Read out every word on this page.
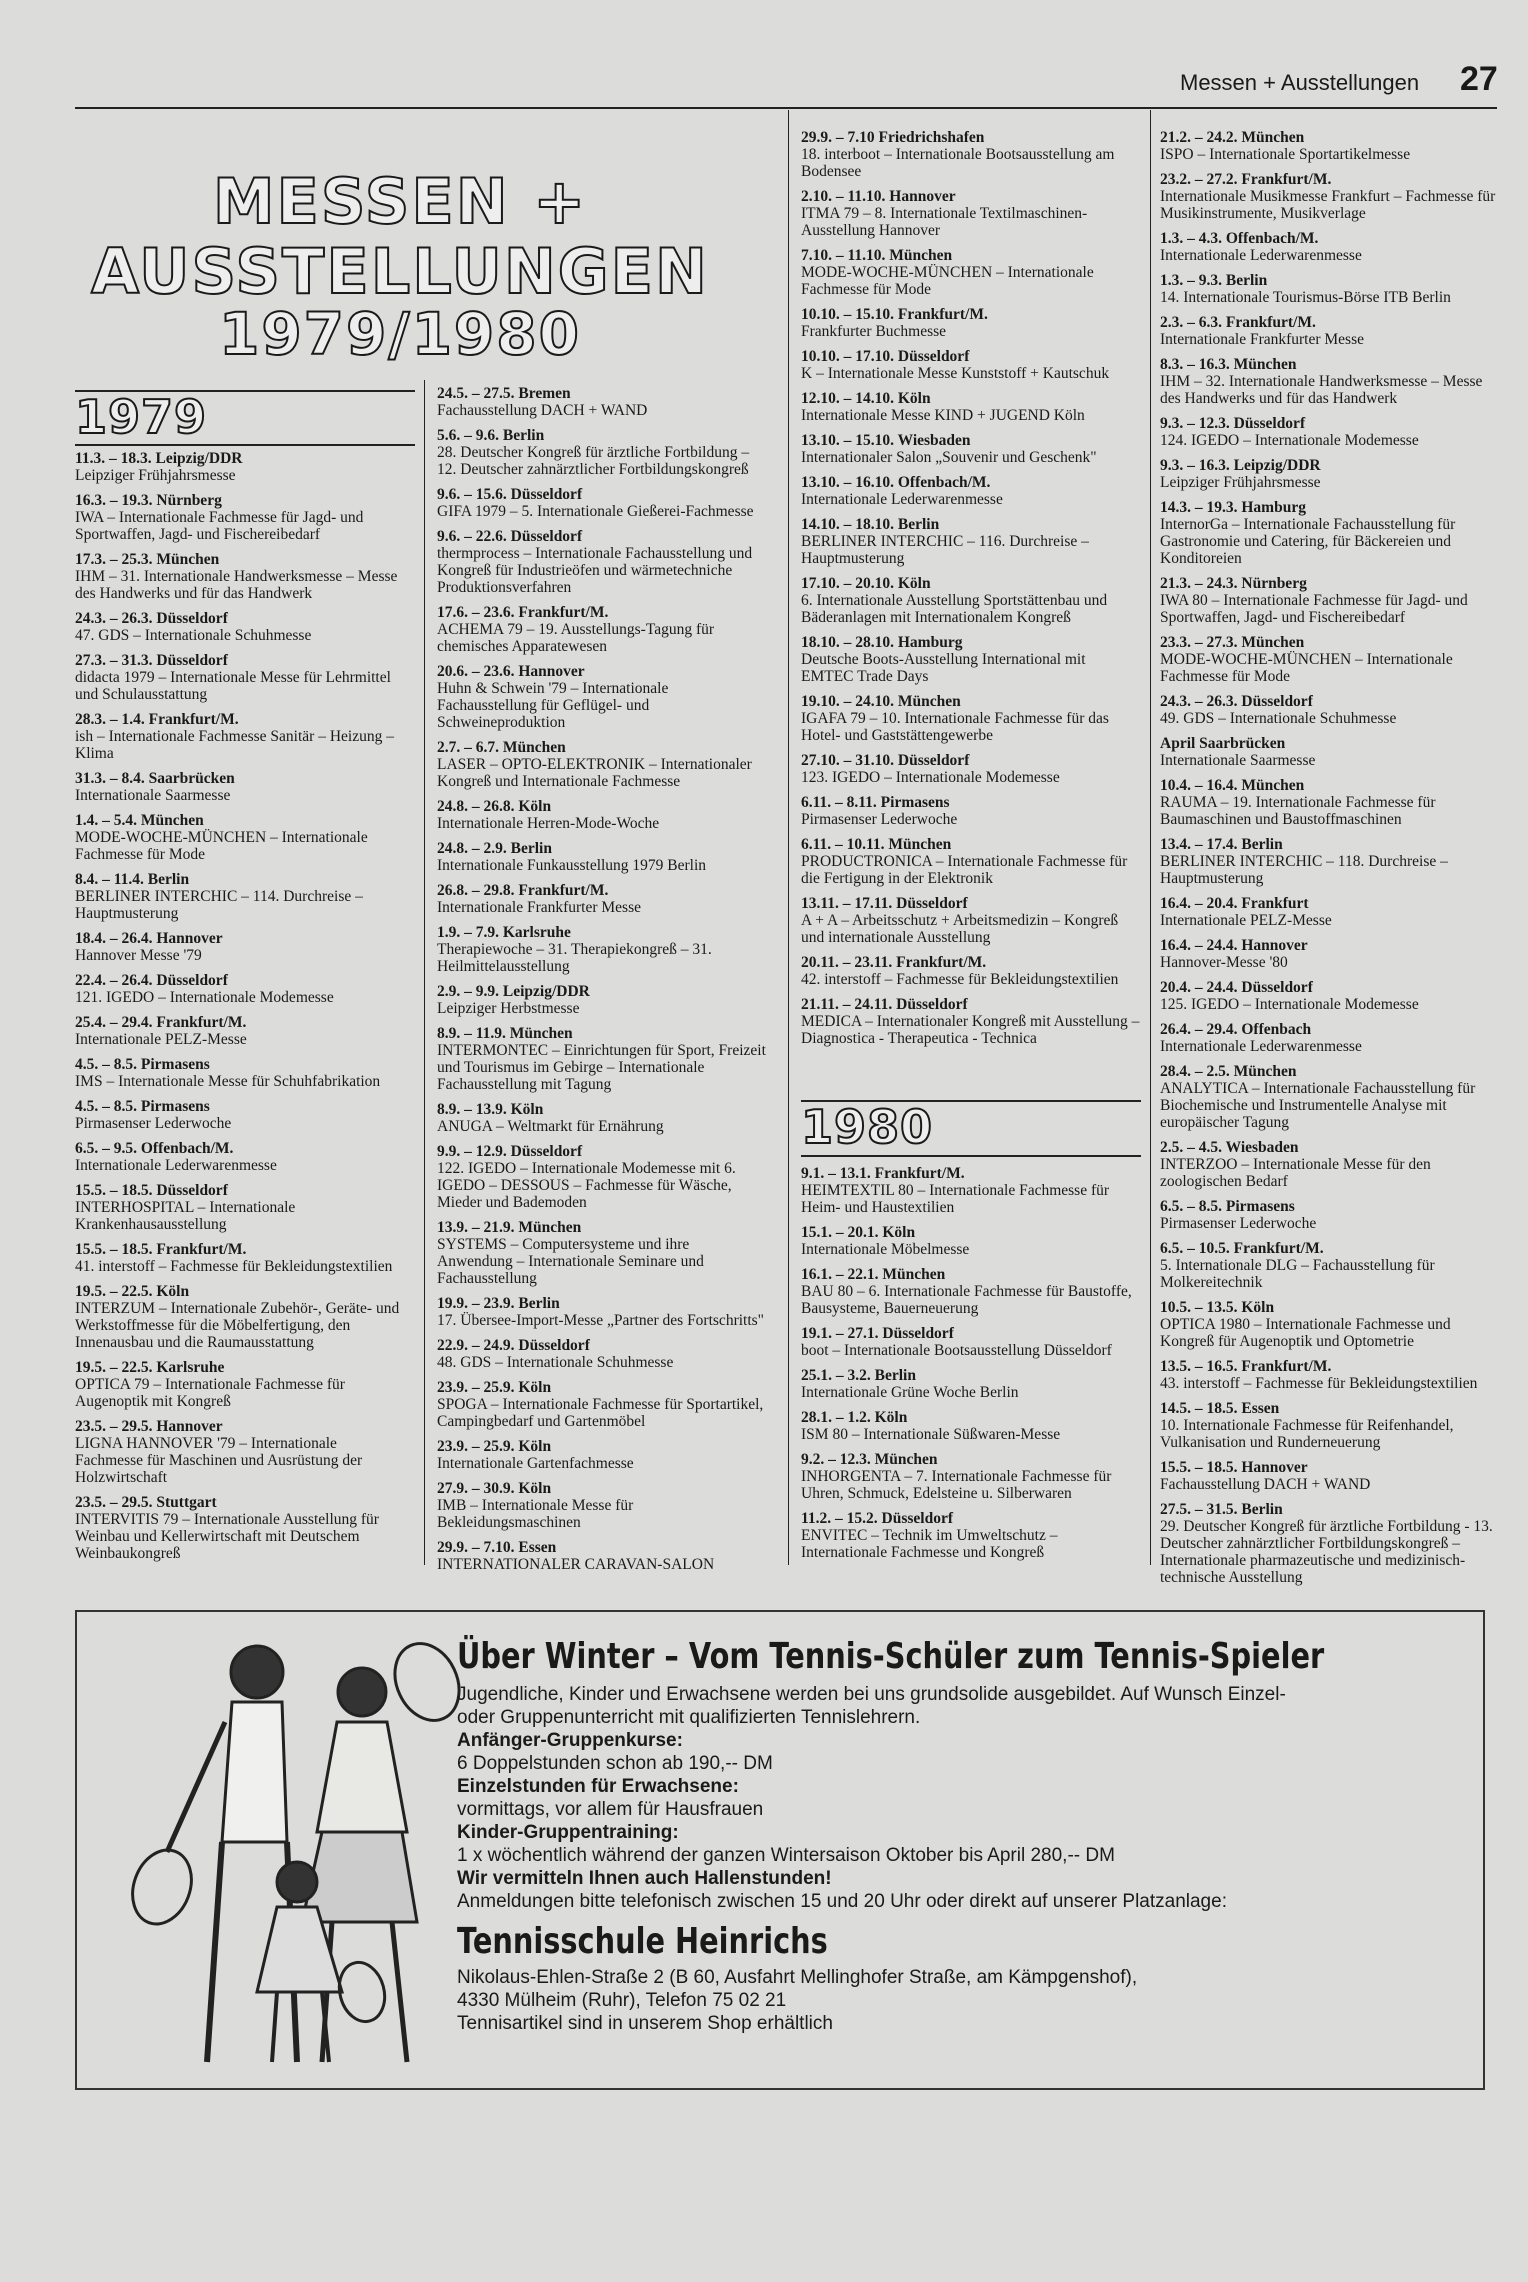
Messen + Ausstellungen 27
MESSEN +
AUSSTELLUNGEN
1979/1980
1979
11.3. – 18.3. Leipzig/DDR
Leipziger Frühjahrsmesse
16.3. – 19.3. Nürnberg
IWA – Internationale Fachmesse für Jagd- und Sportwaffen, Jagd- und Fischereibedarf
17.3. – 25.3. München
IHM – 31. Internationale Handwerksmesse – Messe des Handwerks und für das Handwerk
24.3. – 26.3. Düsseldorf
47. GDS – Internationale Schuhmesse
27.3. – 31.3. Düsseldorf
didacta 1979 – Internationale Messe für Lehrmittel und Schulausstattung
28.3. – 1.4. Frankfurt/M.
ish – Internationale Fachmesse Sanitär – Heizung – Klima
31.3. – 8.4. Saarbrücken
Internationale Saarmesse
1.4. – 5.4. München
MODE-WOCHE-MÜNCHEN – Internationale Fachmesse für Mode
8.4. – 11.4. Berlin
BERLINER INTERCHIC – 114. Durchreise – Hauptmusterung
18.4. – 26.4. Hannover
Hannover Messe '79
22.4. – 26.4. Düsseldorf
121. IGEDO – Internationale Modemesse
25.4. – 29.4. Frankfurt/M.
Internationale PELZ-Messe
4.5. – 8.5. Pirmasens
IMS – Internationale Messe für Schuhfabrikation
4.5. – 8.5. Pirmasens
Pirmasenser Lederwoche
6.5. – 9.5. Offenbach/M.
Internationale Lederwarenmesse
15.5. – 18.5. Düsseldorf
INTERHOSPITAL – Internationale Krankenhausausstellung
15.5. – 18.5. Frankfurt/M.
41. interstoff – Fachmesse für Bekleidungstextilien
19.5. – 22.5. Köln
INTERZUM – Internationale Zubehör-, Geräte- und Werkstoffmesse für die Möbelfertigung, den Innenausbau und die Raumausstattung
19.5. – 22.5. Karlsruhe
OPTICA 79 – Internationale Fachmesse für Augenoptik mit Kongreß
23.5. – 29.5. Hannover
LIGNA HANNOVER '79 – Internationale Fachmesse für Maschinen und Ausrüstung der Holzwirtschaft
23.5. – 29.5. Stuttgart
INTERVITIS 79 – Internationale Ausstellung für Weinbau und Kellerwirtschaft mit Deutschem Weinbaukongreß
24.5. – 27.5. Bremen
Fachausstellung DACH + WAND
5.6. – 9.6. Berlin
28. Deutscher Kongreß für ärztliche Fortbildung – 12. Deutscher zahnärztlicher Fortbildungskongreß
9.6. – 15.6. Düsseldorf
GIFA 1979 – 5. Internationale Gießerei-Fachmesse
9.6. – 22.6. Düsseldorf
thermprocess – Internationale Fachausstellung und Kongreß für Industrieöfen und wärmetechniche Produktionsverfahren
17.6. – 23.6. Frankfurt/M.
ACHEMA 79 – 19. Ausstellungs-Tagung für chemisches Apparatewesen
20.6. – 23.6. Hannover
Huhn & Schwein '79 – Internationale Fachausstellung für Geflügel- und Schweineproduktion
2.7. – 6.7. München
LASER – OPTO-ELEKTRONIK – Internationaler Kongreß und Internationale Fachmesse
24.8. – 26.8. Köln
Internationale Herren-Mode-Woche
24.8. – 2.9. Berlin
Internationale Funkausstellung 1979 Berlin
26.8. – 29.8. Frankfurt/M.
Internationale Frankfurter Messe
1.9. – 7.9. Karlsruhe
Therapiewoche – 31. Therapiekongreß – 31. Heilmittelausstellung
2.9. – 9.9. Leipzig/DDR
Leipziger Herbstmesse
8.9. – 11.9. München
INTERMONTEC – Einrichtungen für Sport, Freizeit und Tourismus im Gebirge – Internationale Fachausstellung mit Tagung
8.9. – 13.9. Köln
ANUGA – Weltmarkt für Ernährung
9.9. – 12.9. Düsseldorf
122. IGEDO – Internationale Modemesse mit 6. IGEDO – DESSOUS – Fachmesse für Wäsche, Mieder und Bademoden
13.9. – 21.9. München
SYSTEMS – Computersysteme und ihre Anwendung – Internationale Seminare und Fachausstellung
19.9. – 23.9. Berlin
17. Übersee-Import-Messe „Partner des Fortschritts"
22.9. – 24.9. Düsseldorf
48. GDS – Internationale Schuhmesse
23.9. – 25.9. Köln
SPOGA – Internationale Fachmesse für Sportartikel, Campingbedarf und Gartenmöbel
23.9. – 25.9. Köln
Internationale Gartenfachmesse
27.9. – 30.9. Köln
IMB – Internationale Messe für Bekleidungsmaschinen
29.9. – 7.10. Essen
INTERNATIONALER CARAVAN-SALON
29.9. – 7.10 Friedrichshafen
18. interboot – Internationale Bootsausstellung am Bodensee
2.10. – 11.10. Hannover
ITMA 79 – 8. Internationale Textilmaschinen-Ausstellung Hannover
7.10. – 11.10. München
MODE-WOCHE-MÜNCHEN – Internationale Fachmesse für Mode
10.10. – 15.10. Frankfurt/M.
Frankfurter Buchmesse
10.10. – 17.10. Düsseldorf
K – Internationale Messe Kunststoff + Kautschuk
12.10. – 14.10. Köln
Internationale Messe KIND + JUGEND Köln
13.10. – 15.10. Wiesbaden
Internationaler Salon „Souvenir und Geschenk"
13.10. – 16.10. Offenbach/M.
Internationale Lederwarenmesse
14.10. – 18.10. Berlin
BERLINER INTERCHIC – 116. Durchreise – Hauptmusterung
17.10. – 20.10. Köln
6. Internationale Ausstellung Sportstättenbau und Bäderanlagen mit Internationalem Kongreß
18.10. – 28.10. Hamburg
Deutsche Boots-Ausstellung International mit EMTEC Trade Days
19.10. – 24.10. München
IGAFA 79 – 10. Internationale Fachmesse für das Hotel- und Gaststättengewerbe
27.10. – 31.10. Düsseldorf
123. IGEDO – Internationale Modemesse
6.11. – 8.11. Pirmasens
Pirmasenser Lederwoche
6.11. – 10.11. München
PRODUCTRONICA – Internationale Fachmesse für die Fertigung in der Elektronik
13.11. – 17.11. Düsseldorf
A + A – Arbeitsschutz + Arbeitsmedizin – Kongreß und internationale Ausstellung
20.11. – 23.11. Frankfurt/M.
42. interstoff – Fachmesse für Bekleidungstextilien
21.11. – 24.11. Düsseldorf
MEDICA – Internationaler Kongreß mit Ausstellung – Diagnostica - Therapeutica - Technica
1980
9.1. – 13.1. Frankfurt/M.
HEIMTEXTIL 80 – Internationale Fachmesse für Heim- und Haustextilien
15.1. – 20.1. Köln
Internationale Möbelmesse
16.1. – 22.1. München
BAU 80 – 6. Internationale Fachmesse für Baustoffe, Bausysteme, Bauerneuerung
19.1. – 27.1. Düsseldorf
boot – Internationale Bootsausstellung Düsseldorf
25.1. – 3.2. Berlin
Internationale Grüne Woche Berlin
28.1. – 1.2. Köln
ISM 80 – Internationale Süßwaren-Messe
9.2. – 12.3. München
INHORGENTA – 7. Internationale Fachmesse für Uhren, Schmuck, Edelsteine u. Silberwaren
11.2. – 15.2. Düsseldorf
ENVITEC – Technik im Umweltschutz – Internationale Fachmesse und Kongreß
21.2. – 24.2. München
ISPO – Internationale Sportartikelmesse
23.2. – 27.2. Frankfurt/M.
Internationale Musikmesse Frankfurt – Fachmesse für Musikinstrumente, Musikverlage
1.3. – 4.3. Offenbach/M.
Internationale Lederwarenmesse
1.3. – 9.3. Berlin
14. Internationale Tourismus-Börse ITB Berlin
2.3. – 6.3. Frankfurt/M.
Internationale Frankfurter Messe
8.3. – 16.3. München
IHM – 32. Internationale Handwerksmesse – Messe des Handwerks und für das Handwerk
9.3. – 12.3. Düsseldorf
124. IGEDO – Internationale Modemesse
9.3. – 16.3. Leipzig/DDR
Leipziger Frühjahrsmesse
14.3. – 19.3. Hamburg
InternorGa – Internationale Fachausstellung für Gastronomie und Catering, für Bäckereien und Konditoreien
21.3. – 24.3. Nürnberg
IWA 80 – Internationale Fachmesse für Jagd- und Sportwaffen, Jagd- und Fischereibedarf
23.3. – 27.3. München
MODE-WOCHE-MÜNCHEN – Internationale Fachmesse für Mode
24.3. – 26.3. Düsseldorf
49. GDS – Internationale Schuhmesse
April Saarbrücken
Internationale Saarmesse
10.4. – 16.4. München
RAUMA – 19. Internationale Fachmesse für Baumaschinen und Baustoffmaschinen
13.4. – 17.4. Berlin
BERLINER INTERCHIC – 118. Durchreise – Hauptmusterung
16.4. – 20.4. Frankfurt
Internationale PELZ-Messe
16.4. – 24.4. Hannover
Hannover-Messe '80
20.4. – 24.4. Düsseldorf
125. IGEDO – Internationale Modemesse
26.4. – 29.4. Offenbach
Internationale Lederwarenmesse
28.4. – 2.5. München
ANALYTICA – Internationale Fachausstellung für Biochemische und Instrumentelle Analyse mit europäischer Tagung
2.5. – 4.5. Wiesbaden
INTERZOO – Internationale Messe für den zoologischen Bedarf
6.5. – 8.5. Pirmasens
Pirmasenser Lederwoche
6.5. – 10.5. Frankfurt/M.
5. Internationale DLG – Fachausstellung für Molkereitechnik
10.5. – 13.5. Köln
OPTICA 1980 – Internationale Fachmesse und Kongreß für Augenoptik und Optometrie
13.5. – 16.5. Frankfurt/M.
43. interstoff – Fachmesse für Bekleidungstextilien
14.5. – 18.5. Essen
10. Internationale Fachmesse für Reifenhandel, Vulkanisation und Runderneuerung
15.5. – 18.5. Hannover
Fachausstellung DACH + WAND
27.5. – 31.5. Berlin
29. Deutscher Kongreß für ärztliche Fortbildung - 13. Deutscher zahnärztlicher Fortbildungskongreß – Internationale pharmazeutische und medizinisch-technische Ausstellung
Über Winter – Vom Tennis-Schüler zum Tennis-Spieler
Jugendliche, Kinder und Erwachsene werden bei uns grundsolide ausgebildet. Auf Wunsch Einzel-
oder Gruppenunterricht mit qualifizierten Tennislehrern.
Anfänger-Gruppenkurse:
6 Doppelstunden schon ab 190,-- DM
Einzelstunden für Erwachsene:
vormittags, vor allem für Hausfrauen
Kinder-Gruppentraining:
1 x wöchentlich während der ganzen Wintersaison Oktober bis April 280,-- DM
Wir vermitteln Ihnen auch Hallenstunden!
Anmeldungen bitte telefonisch zwischen 15 und 20 Uhr oder direkt auf unserer Platzanlage:
Tennisschule Heinrichs
Nikolaus-Ehlen-Straße 2 (B 60, Ausfahrt Mellinghofer Straße, am Kämpgenshof),
4330 Mülheim (Ruhr), Telefon 75 02 21
Tennisartikel sind in unserem Shop erhältlich
